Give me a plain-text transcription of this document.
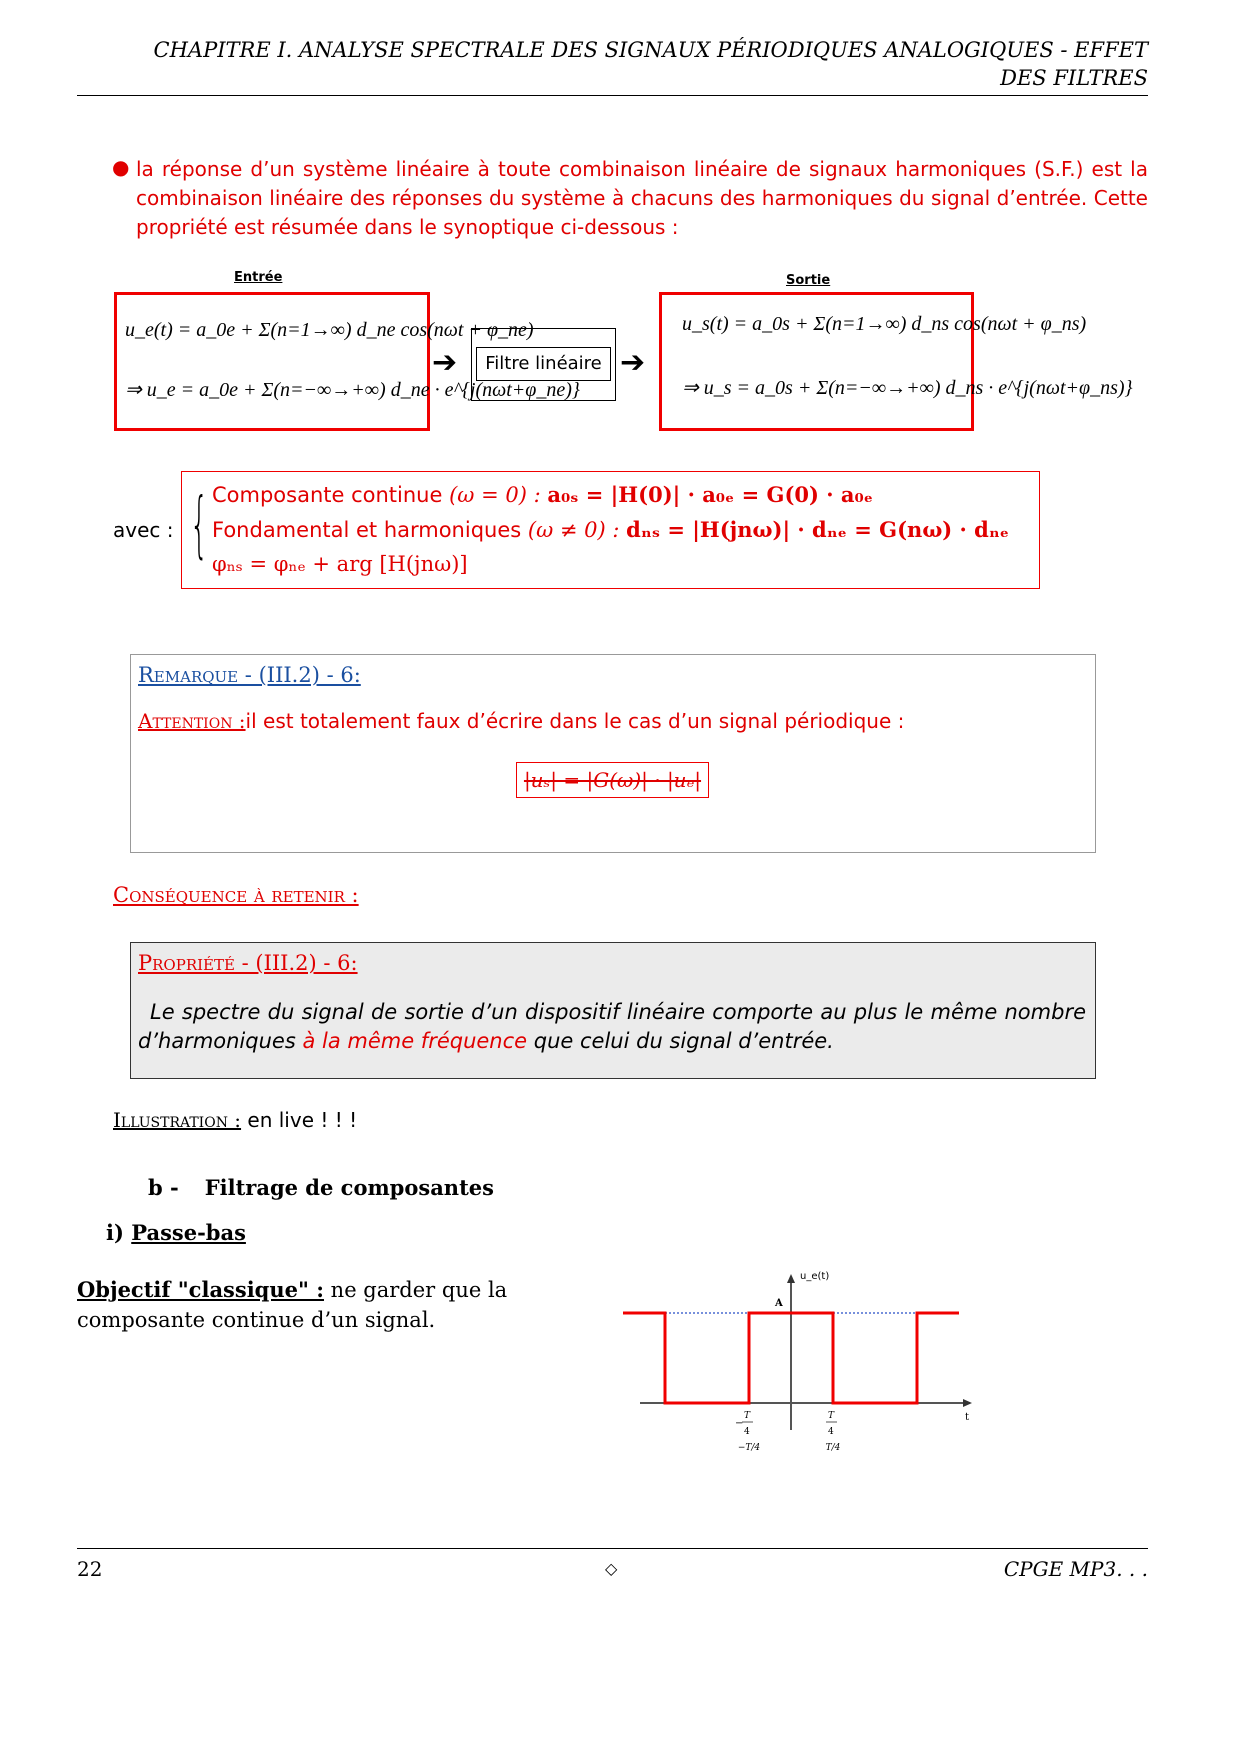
CHAPITRE I. ANALYSE SPECTRALE DES SIGNAUX PÉRIODIQUES ANALOGIQUES - EFFET
DES FILTRES
● la réponse d’un système linéaire à toute combinaison linéaire de signaux harmoniques (S.F.) est la combinaison linéaire des réponses du système à chacuns des harmoniques du signal d’entrée. Cette propriété est résumée dans le synoptique ci-dessous :
Entrée	Sortie
u_e(t) = a_0e + Σ(n=1→∞) d_ne cos(nωt + φ_ne)
⇒ u_e = a_0e + Σ(n=−∞→+∞) d_ne · e^{j(nωt+φ_ne)}
➔	Filtre linéaire ➔
u_s(t) = a_0s + Σ(n=1→∞) d_ns cos(nωt + φ_ns)
⇒ u_s = a_0s + Σ(n=−∞→+∞) d_ns · e^{j(nωt+φ_ns)}
avec : { Composante continue (ω = 0) : a₀ₛ = |H(0)| · a₀ₑ = G(0) · a₀ₑ
Fondamental et harmoniques (ω ≠ 0) : dₙₛ = |H(jnω)| · dₙₑ = G(nω) · dₙₑ
φₙₛ = φₙₑ + arg [H(jnω)]
Remarque - (III.2) - 6:
Attention :il est totalement faux d’écrire dans le cas d’un signal périodique :
|uₛ| = |G(ω)| · |uₑ|
Conséquence à retenir :
Propriété - (III.2) - 6:
Le spectre du signal de sortie d’un dispositif linéaire comporte au plus le même nombre d’harmoniques à la même fréquence que celui du signal d’entrée.
Illustration : en live ! ! !
b - Filtrage de composantes
i) Passe-bas
Objectif "classique" : ne garder que la composante continue d’un signal.
u_e(t)
A
t
−
T
4
T
4
−T/4	T/4
22	◇	CPGE MP3. . .
